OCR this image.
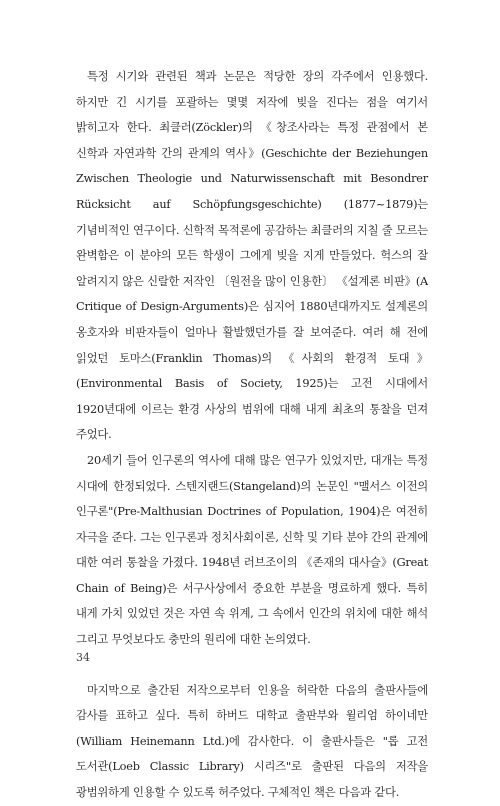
특정 시기와 관련된 책과 논문은 적당한 장의 각주에서 인용했다. 하지만 긴 시기를 포괄하는 몇몇 저작에 빚을 진다는 점을 여기서 밝히고자 한다. 최클러(Zöckler)의 《창조사라는 특정 관점에서 본 신학과 자연과학 간의 관계의 역사》(Geschichte der Beziehungen Zwischen Theologie und Naturwissenschaft mit Besondrer Rücksicht auf Schöpfungsgeschichte) (1877~1879)는 기념비적인 연구이다. 신학적 목적론에 공감하는 최클러의 지칠 줄 모르는 완벽함은 이 분야의 모든 학생이 그에게 빚을 지게 만들었다. 헉스의 잘 알려지지 않은 신랄한 저작인 〔원전을 많이 인용한〕 《설계론 비판》(A Critique of Design-Arguments)은 심지어 1880년대까지도 설계론의 옹호자와 비판자들이 얼마나 활발했던가를 잘 보여준다. 여러 해 전에 읽었던 토마스(Franklin Thomas)의 《사회의 환경적 토대》(Environmental Basis of Society, 1925)는 고전 시대에서 1920년대에 이르는 환경 사상의 범위에 대해 내게 최초의 통찰을 던져 주었다.

20세기 들어 인구론의 역사에 대해 많은 연구가 있었지만, 대개는 특정 시대에 한정되었다. 스텐지랜드(Stangeland)의 논문인 "맬서스 이전의 인구론"(Pre-Malthusian Doctrines of Population, 1904)은 여전히 자극을 준다. 그는 인구론과 정치사회이론, 신학 및 기타 분야 간의 관계에 대한 여러 통찰을 가졌다. 1948년 러브조이의 《존재의 대사슬》(Great Chain of Being)은 서구사상에서 중요한 부분을 명료하게 했다. 특히 내게 가치 있었던 것은 자연 속 위계, 그 속에서 인간의 위치에 대한 해석 그리고 무엇보다도 충만의 원리에 대한 논의였다.

마지막으로 출간된 저작으로부터 인용을 허락한 다음의 출판사들에 감사를 표하고 싶다. 특히 하버드 대학교 출판부와 윌리엄 하이네만(William Heinemann Ltd.)에 감사한다. 이 출판사들은 "롭 고전 도서관(Loeb Classic Library) 시리즈"로 출판된 다음의 저작을 광범위하게 인용할 수 있도록 허주었다. 구체적인 책은 다음과 같다.

34
